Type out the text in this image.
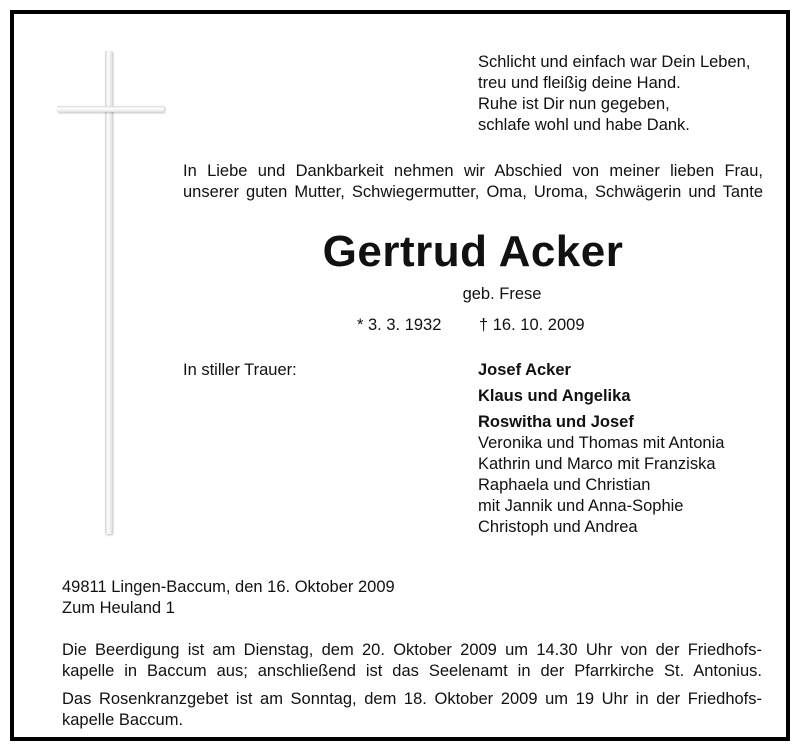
Schlicht und einfach war Dein Leben,
treu und fleißig deine Hand.
Ruhe ist Dir nun gegeben,
schlafe wohl und habe Dank.
In Liebe und Dankbarkeit nehmen wir Abschied von meiner lieben Frau,
unserer guten Mutter, Schwiegermutter, Oma, Uroma, Schwägerin und Tante
Gertrud Acker
geb. Frese
* 3. 3. 1932 † 16. 10. 2009
In stiller Trauer:	Josef Acker
Klaus und Angelika
Roswitha und Josef
Veronika und Thomas mit Antonia
Kathrin und Marco mit Franziska
Raphaela und Christian
mit Jannik und Anna-Sophie
Christoph und Andrea
49811 Lingen-Baccum, den 16. Oktober 2009
Zum Heuland 1
Die Beerdigung ist am Dienstag, dem 20. Oktober 2009 um 14.30 Uhr von der Friedhofs-
kapelle in Baccum aus; anschließend ist das Seelenamt in der Pfarrkirche St. Antonius.
Das Rosenkranzgebet ist am Sonntag, dem 18. Oktober 2009 um 19 Uhr in der Friedhofs-
kapelle Baccum.
